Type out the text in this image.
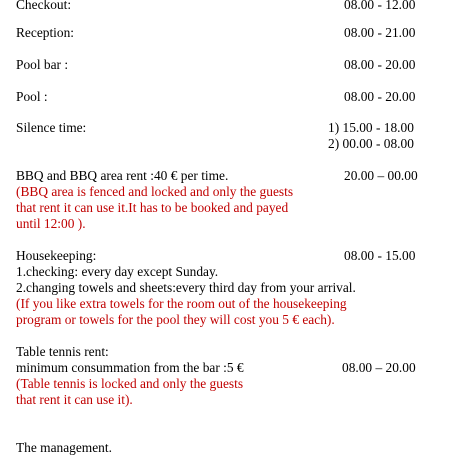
Checkout:	08.00 - 12.00
Reception:	08.00 - 21.00
Pool bar :	08.00 - 20.00
Pool :	08.00 - 20.00
Silence time:	1) 15.00 - 18.00
2) 00.00 - 08.00
BBQ and BBQ area rent :40 € per time.	20.00 – 00.00
(BBQ area is fenced and locked and only the guests
that rent it can use it.It has to be booked and payed
until 12:00 ).
Housekeeping:	08.00 - 15.00
1.checking: every day except Sunday.
2.changing towels and sheets:every third day from your arrival.
(If you like extra towels for the room out of the housekeeping
program or towels for the pool they will cost you 5 € each).
Table tennis rent:
minimum consummation from the bar :5 €	08.00 – 20.00
(Table tennis is locked and only the guests
that rent it can use it).
The management.
